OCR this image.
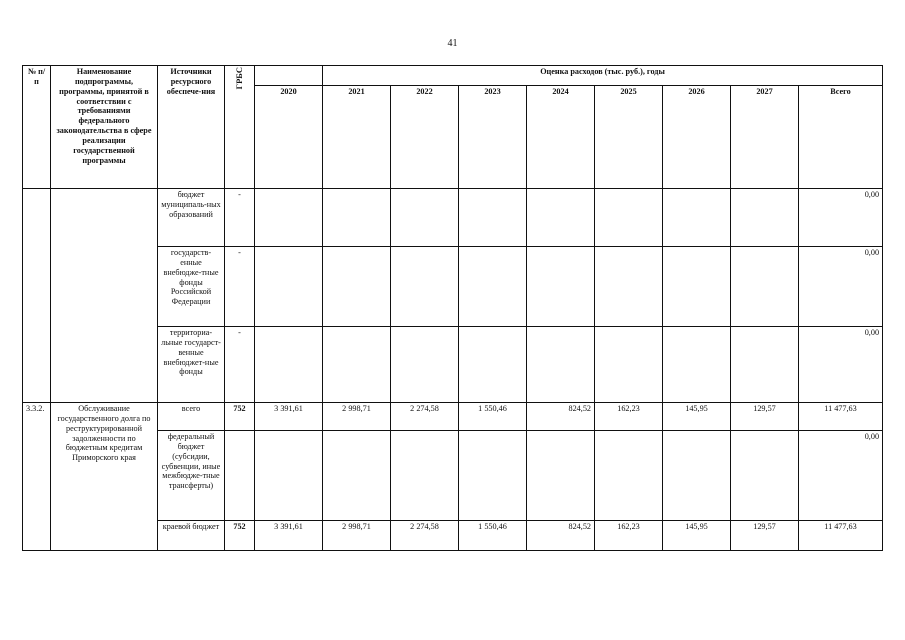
41
№ п/п	Наименование подпрограммы, программы, принятой в соответствии с требованиями федерального законодательства в сфере реализации государственной программы	Источники ресурсного обеспече-ния	ГРБС		Оценка расходов (тыс. руб.), годы							
				2020	2021	2022	2023	2024	2025	2026	2027	Всего
		бюджет муниципаль-ных образований	-									0,00
		государств-енные внебюдже-тные фонды Российской Федерации	-									0,00
		территориа-льные государст-венные внебюджет-ные фонды	-									0,00
3.3.2.	Обслуживание государственного долга по реструктурированной задолженности по бюджетным кредитам Приморского края	всего	752	3 391,61	2 998,71	2 274,58	1 550,46	824,52	162,23	145,95	129,57	11 477,63
		федеральный бюджет (субсидии, субвенции, иные межбюдже-тные трансферты)										0,00
		краевой бюджет	752	3 391,61	2 998,71	2 274,58	1 550,46	824,52	162,23	145,95	129,57	11 477,63
